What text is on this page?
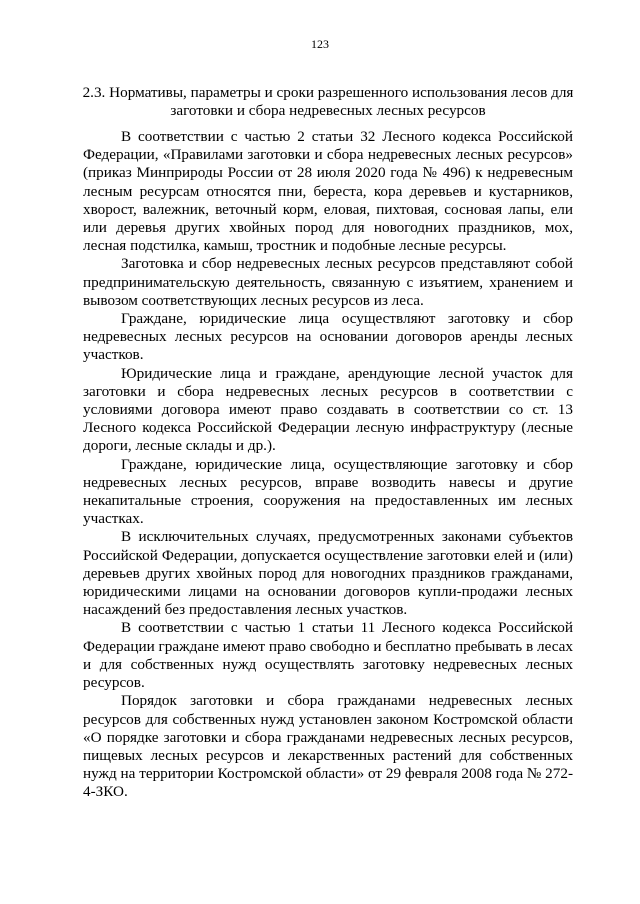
123
2.3. Нормативы, параметры и сроки разрешенного использования лесов для заготовки и сбора недревесных лесных ресурсов

В соответствии с частью 2 статьи 32 Лесного кодекса Российской Федерации, «Правилами заготовки и сбора недревесных лесных ресурсов» (приказ Минприроды России от 28 июля 2020 года № 496) к недревесным лесным ресурсам относятся пни, береста, кора деревьев и кустарников, хворост, валежник, веточный корм, еловая, пихтовая, сосновая лапы, ели или деревья других хвойных пород для новогодних праздников, мох, лесная подстилка, камыш, тростник и подобные лесные ресурсы.

Заготовка и сбор недревесных лесных ресурсов представляют собой предпринимательскую деятельность, связанную с изъятием, хранением и вывозом соответствующих лесных ресурсов из леса.

Граждане, юридические лица осуществляют заготовку и сбор недревесных лесных ресурсов на основании договоров аренды лесных участков.

Юридические лица и граждане, арендующие лесной участок для заготовки и сбора недревесных лесных ресурсов в соответствии с условиями договора имеют право создавать в соответствии со ст. 13 Лесного кодекса Российской Федерации лесную инфраструктуру (лесные дороги, лесные склады и др.).

Граждане, юридические лица, осуществляющие заготовку и сбор недревесных лесных ресурсов, вправе возводить навесы и другие некапитальные строения, сооружения на предоставленных им лесных участках.

В исключительных случаях, предусмотренных законами субъектов Российской Федерации, допускается осуществление заготовки елей и (или) деревьев других хвойных пород для новогодних праздников гражданами, юридическими лицами на основании договоров купли-продажи лесных насаждений без предоставления лесных участков.

В соответствии с частью 1 статьи 11 Лесного кодекса Российской Федерации граждане имеют право свободно и бесплатно пребывать в лесах и для собственных нужд осуществлять заготовку недревесных лесных ресурсов.

Порядок заготовки и сбора гражданами недревесных лесных ресурсов для собственных нужд установлен законом Костромской области «О порядке заготовки и сбора гражданами недревесных лесных ресурсов, пищевых лесных ресурсов и лекарственных растений для собственных нужд на территории Костромской области» от 29 февраля 2008 года № 272-4-ЗКО.
